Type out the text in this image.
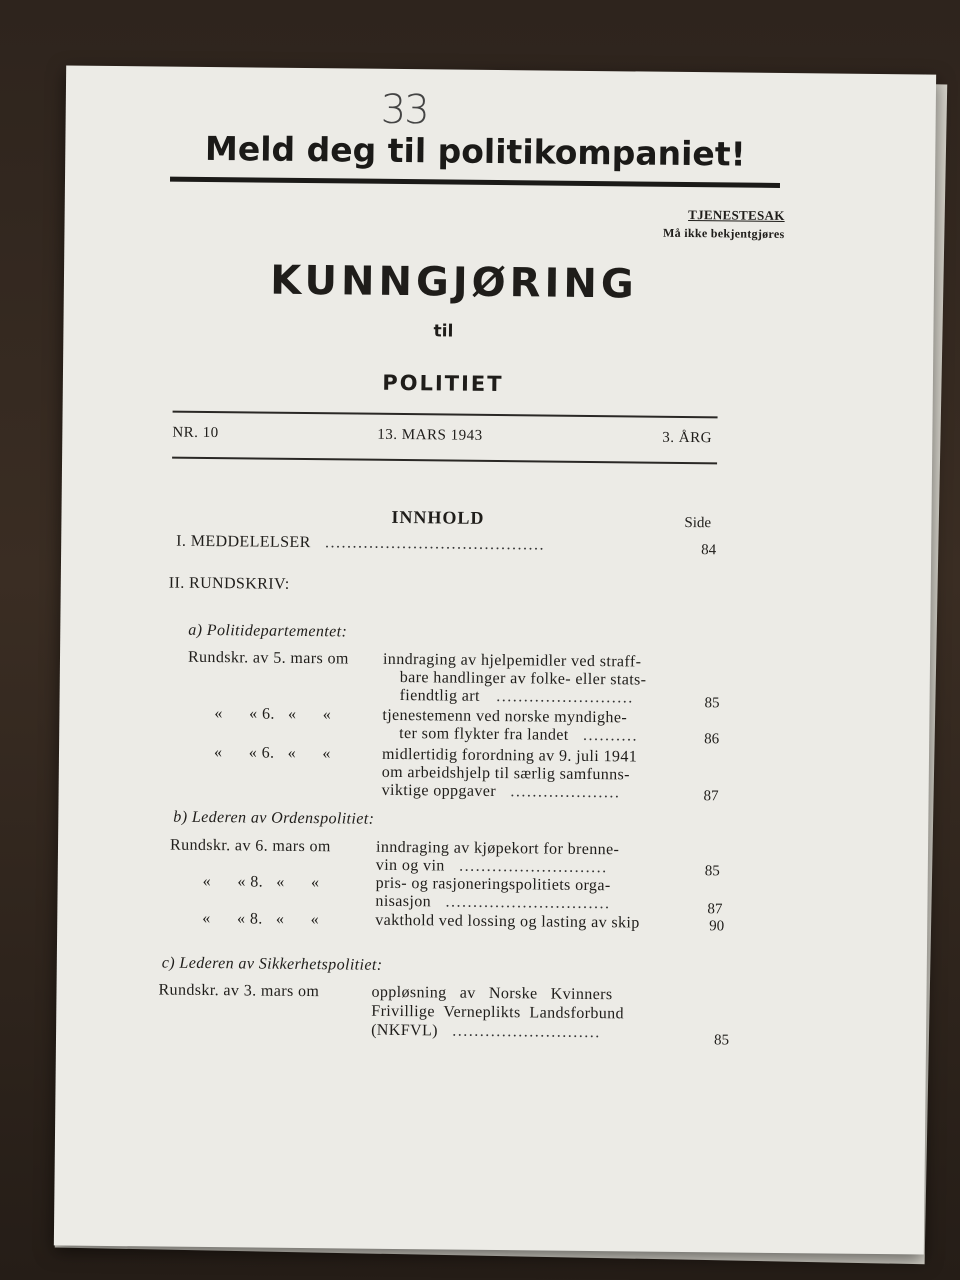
33
Meld deg til politikompaniet!
TJENESTESAK
Må ikke bekjentgjøres
KUNNGJØRING
til
POLITIET
NR. 10	13. MARS 1943	3. ÅRG
INNHOLD	Side
I. MEDDELELSER ........................................	84
II. RUNDSKRIV:
a) Politidepartementet:
Rundskr. av 5. mars om inndraging av hjelpemidler ved straff-
bare handlinger av folke- eller stats-
fiendtlig art .........................	85
«      « 6.   «      «	tjenestemenn ved norske myndighe-
ter som flykter fra landet ..........	86
«      « 6.   «      «	midlertidig forordning av 9. juli 1941
om arbeidshjelp til særlig samfunns-
viktige oppgaver ....................	87
b) Lederen av Ordenspolitiet:
Rundskr. av 6. mars om	inndraging av kjøpekort for brenne-
vin og vin ...........................	85
«      « 8.   «      «	pris- og rasjoneringspolitiets orga-
nisasjon ..............................	87
«      « 8.   «      «	vakthold ved lossing og lasting av skip	90
c) Lederen av Sikkerhetspolitiet:
Rundskr. av 3. mars om	oppløsning   av   Norske   Kvinners
Frivillige  Verneplikts  Landsforbund
(NKFVL) ...........................	85
